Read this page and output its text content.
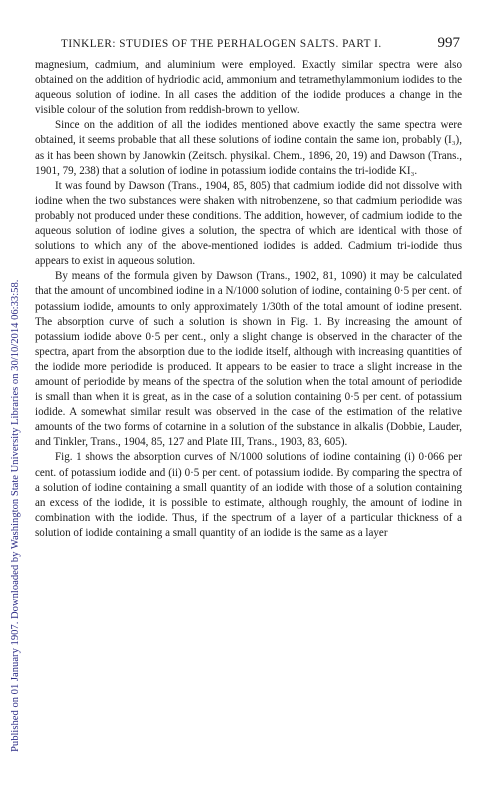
Published on 01 January 1907. Downloaded by Washington State University Libraries on 30/10/2014 06:33:58.
TINKLER: STUDIES OF THE PERHALOGEN SALTS. PART I.	997

magnesium, cadmium, and aluminium were employed. Exactly similar spectra were also obtained on the addition of hydriodic acid, ammonium and tetramethylammonium iodides to the aqueous solution of iodine. In all cases the addition of the iodide produces a change in the visible colour of the solution from reddish-brown to yellow.

Since on the addition of all the iodides mentioned above exactly the same spectra were obtained, it seems probable that all these solutions of iodine contain the same ion, probably (I₃), as it has been shown by Janowkin (Zeitsch. physikal. Chem., 1896, 20, 19) and Dawson (Trans., 1901, 79, 238) that a solution of iodine in potassium iodide contains the tri-iodide KI₃.

It was found by Dawson (Trans., 1904, 85, 805) that cadmium iodide did not dissolve with iodine when the two substances were shaken with nitrobenzene, so that cadmium periodide was probably not produced under these conditions. The addition, however, of cadmium iodide to the aqueous solution of iodine gives a solution, the spectra of which are identical with those of solutions to which any of the above-mentioned iodides is added. Cadmium tri-iodide thus appears to exist in aqueous solution.

By means of the formula given by Dawson (Trans., 1902, 81, 1090) it may be calculated that the amount of uncombined iodine in a N/1000 solution of iodine, containing 0·5 per cent. of potassium iodide, amounts to only approximately 1/30th of the total amount of iodine present. The absorption curve of such a solution is shown in Fig. 1. By increasing the amount of potassium iodide above 0·5 per cent., only a slight change is observed in the character of the spectra, apart from the absorption due to the iodide itself, although with increasing quantities of the iodide more periodide is produced. It appears to be easier to trace a slight increase in the amount of periodide by means of the spectra of the solution when the total amount of periodide is small than when it is great, as in the case of a solution containing 0·5 per cent. of potassium iodide. A somewhat similar result was observed in the case of the estimation of the relative amounts of the two forms of cotarnine in a solution of the substance in alkalis (Dobbie, Lauder, and Tinkler, Trans., 1904, 85, 127 and Plate III, Trans., 1903, 83, 605).

Fig. 1 shows the absorption curves of N/1000 solutions of iodine containing (i) 0·066 per cent. of potassium iodide and (ii) 0·5 per cent. of potassium iodide. By comparing the spectra of a solution of iodine containing a small quantity of an iodide with those of a solution containing an excess of the iodide, it is possible to estimate, although roughly, the amount of iodine in combination with the iodide. Thus, if the spectrum of a layer of a particular thickness of a solution of iodide containing a small quantity of an iodide is the same as a layer
